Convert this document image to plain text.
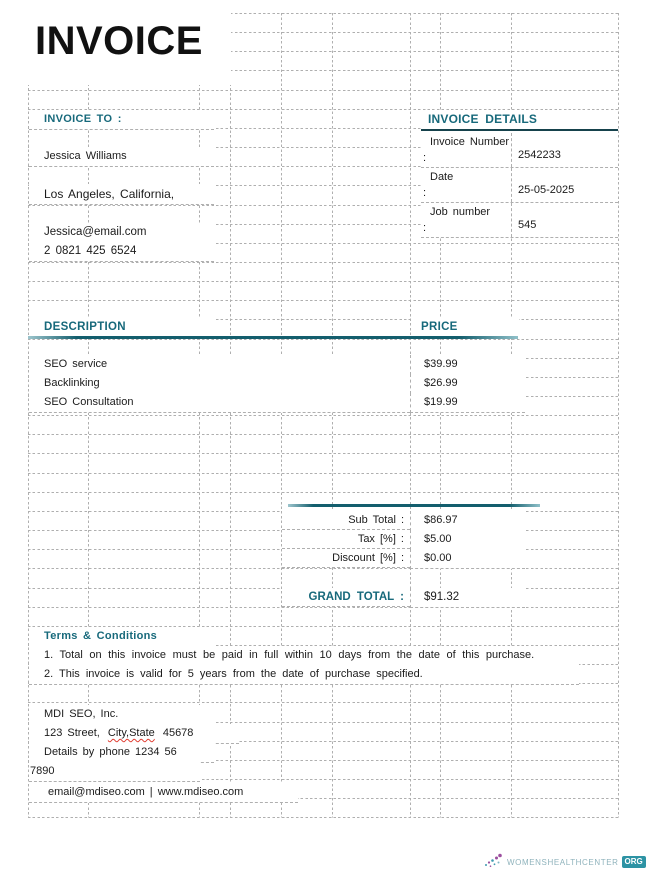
INVOICE
INVOICE TO :
Jessica Williams
Los Angeles, California,
Jessica@email.com
2 0821 425 6524
INVOICE DETAILS
Invoice Number
:	2542233
Date
:	25-05-2025
Job number
:	545
DESCRIPTION	PRICE
SEO service	$39.99
Backlinking	$26.99
SEO Consultation	$19.99
Sub Total :	$86.97
Tax [%] :	$5.00
Discount [%] :	$0.00
GRAND TOTAL :	$91.32
Terms & Conditions
1. Total on this invoice must be paid in full within 10 days from the date of this purchase.
2. This invoice is valid for 5 years from the date of purchase specified.
MDI SEO, Inc.
123 Street, City,State 45678
Details by phone 1234 56
7890
email@mdiseo.com | www.mdiseo.com
WOMENSHEALTHCENTER ORG
